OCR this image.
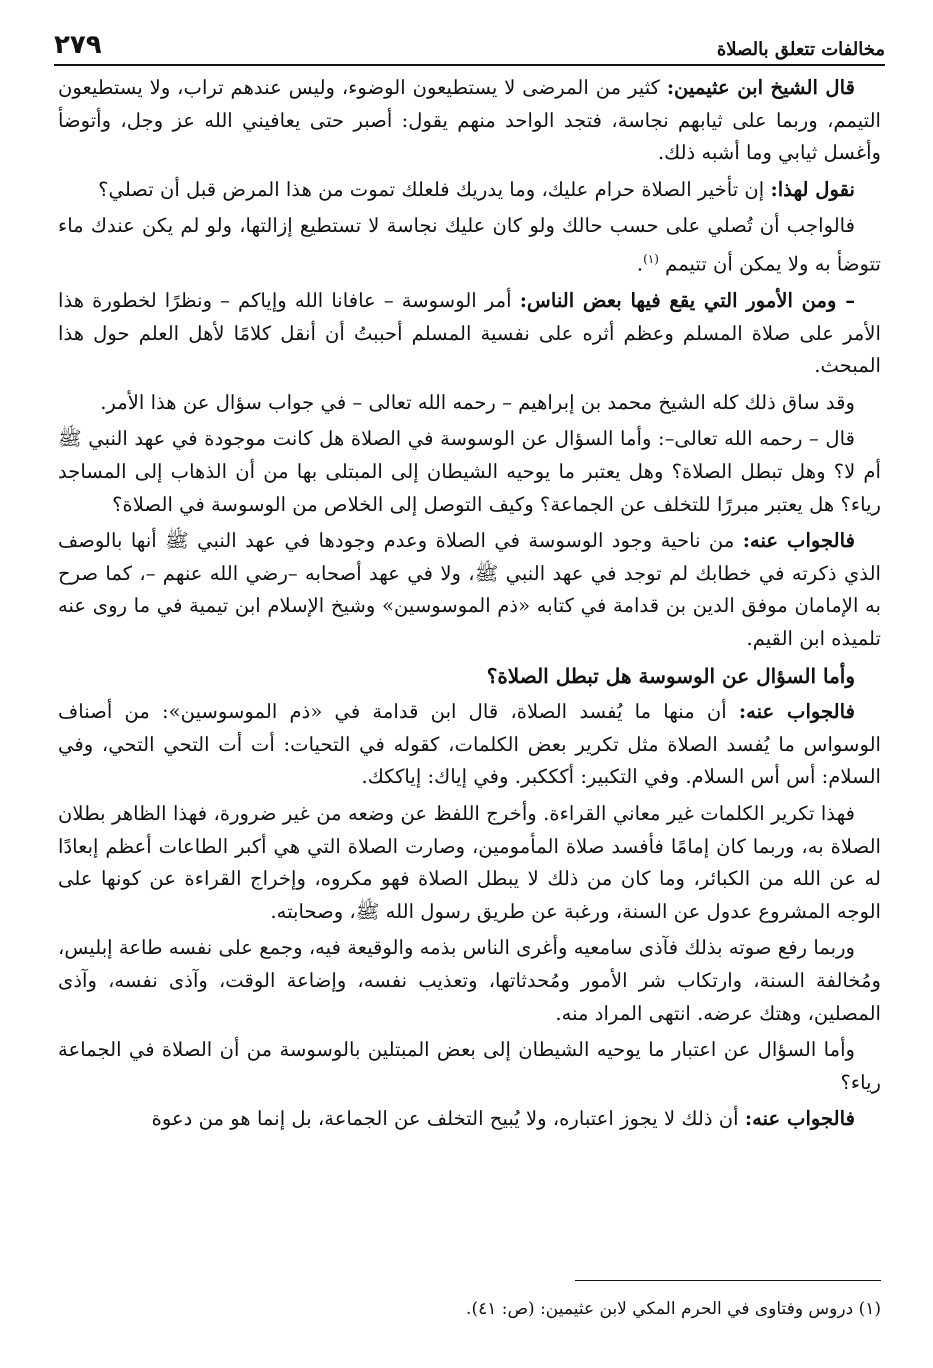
مخالفات تتعلق بالصلاة
٢٧٩

قال الشيخ ابن عثيمين: كثير من المرضى لا يستطيعون الوضوء، وليس عندهم تراب، ولا يستطيعون التيمم، وربما على ثيابهم نجاسة، فتجد الواحد منهم يقول: أصبر حتى يعافيني الله عز وجل، وأتوضأ وأغسل ثيابي وما أشبه ذلك.

نقول لهذا: إن تأخير الصلاة حرام عليك، وما يدريك فلعلك تموت من هذا المرض قبل أن تصلي؟

فالواجب أن تُصلي على حسب حالك ولو كان عليك نجاسة لا تستطيع إزالتها، ولو لم يكن عندك ماء تتوضأ به ولا يمكن أن تتيمم $^{(١)}$.

– ومن الأمور التي يقع فيها بعض الناس: أمر الوسوسة – عافانا الله وإياكم – ونظرًا لخطورة هذا الأمر على صلاة المسلم وعظم أثره على نفسية المسلم أحببتُ أن أنقل كلامًا لأهل العلم حول هذا المبحث.

وقد ساق ذلك كله الشيخ محمد بن إبراهيم – رحمه الله تعالى – في جواب سؤال عن هذا الأمر.

قال – رحمه الله تعالى–: وأما السؤال عن الوسوسة في الصلاة هل كانت موجودة في عهد النبي ﷺ أم لا؟ وهل تبطل الصلاة؟ وهل يعتبر ما يوحيه الشيطان إلى المبتلى بها من أن الذهاب إلى المساجد رياء؟ هل يعتبر مبررًا للتخلف عن الجماعة؟ وكيف التوصل إلى الخلاص من الوسوسة في الصلاة؟

فالجواب عنه: من ناحية وجود الوسوسة في الصلاة وعدم وجودها في عهد النبي ﷺ أنها بالوصف الذي ذكرته في خطابك لم توجد في عهد النبي ﷺ، ولا في عهد أصحابه –رضي الله عنهم –، كما صرح به الإمامان موفق الدين بن قدامة في كتابه «ذم الموسوسين» وشيخ الإسلام ابن تيمية في ما روى عنه تلميذه ابن القيم.

وأما السؤال عن الوسوسة هل تبطل الصلاة؟

فالجواب عنه: أن منها ما يُفسد الصلاة، قال ابن قدامة في «ذم الموسوسين»: من أصناف الوسواس ما يُفسد الصلاة مثل تكرير بعض الكلمات، كقوله في التحيات: أت أت التحي التحي، وفي السلام: أس أس السلام. وفي التكبير: أككك‍بر. وفي إياك: إياككك.

فهذا تكرير الكلمات غير معاني القراءة. وأخرج اللفظ عن وضعه من غير ضرورة، فهذا الظاهر بطلان الصلاة به، وربما كان إمامًا فأفسد صلاة المأمومين، وصارت الصلاة التي هي أكبر الطاعات أعظم إبعادًا له عن الله من الكبائر، وما كان من ذلك لا يبطل الصلاة فهو مكروه، وإخراج القراءة عن كونها على الوجه المشروع عدول عن السنة، ورغبة عن طريق رسول الله ﷺ، وصحابته.

وربما رفع صوته بذلك فآذى سامعيه وأغرى الناس بذمه والوقيعة فيه، وجمع على نفسه طاعة إبليس، ومُخالفة السنة، وارتكاب شر الأمور ومُحدثاتها، وتعذيب نفسه، وإضاعة الوقت، وآذى نفسه، وآذى المصلين، وهتك عرضه. انتهى المراد منه.

وأما السؤال عن اعتبار ما يوحيه الشيطان إلى بعض المبتلين بالوسوسة من أن الصلاة في الجماعة رياء؟

فالجواب عنه: أن ذلك لا يجوز اعتباره، ولا يُبيح التخلف عن الجماعة، بل إنما هو من دعوة

(١) دروس وفتاوى في الحرم المكي لابن عثيمين: (ص: ٤١).
